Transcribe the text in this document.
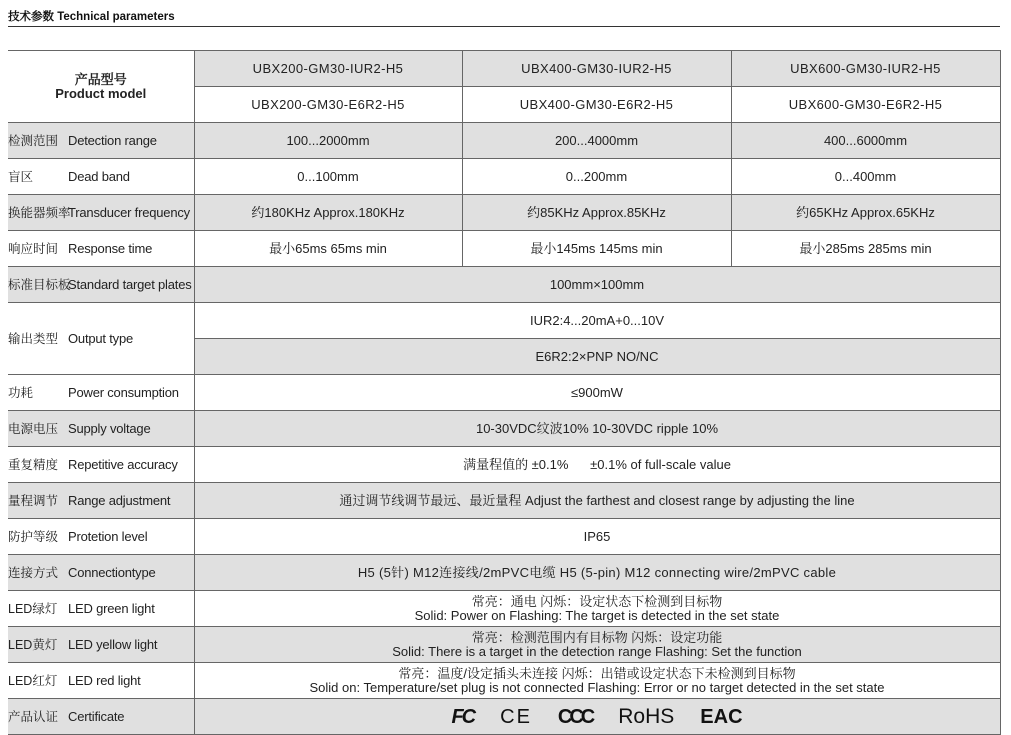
技术参数 Technical parameters
产品型号
Product model	UBX200-GM30-IUR2-H5	UBX400-GM30-IUR2-H5	UBX600-GM30-IUR2-H5
	UBX200-GM30-E6R2-H5	UBX400-GM30-E6R2-H5	UBX600-GM30-E6R2-H5
检测范围 Detection range	100...2000mm	200...4000mm	400...6000mm
盲区 Dead band	0...100mm	0...200mm	0...400mm
换能器频率Transducer frequency	约180KHz Approx.180KHz	约85KHz Approx.85KHz	约65KHz Approx.65KHz
响应时间 Response time	最小65ms 65ms min	最小145ms 145ms min	最小285ms 285ms min
标准目标板Standard target plates	100mm×100mm		
输出类型 Output type	IUR2:4...20mA+0...10V		
	E6R2:2×PNP NO/NC		
功耗 Power consumption	≤900mW		
电源电压 Supply voltage	10-30VDC纹波10% 10-30VDC ripple 10%		
重复精度 Repetitive accuracy	满量程值的 ±0.1%      ±0.1% of full-scale value		
量程调节 Range adjustment	通过调节线调节最远、最近量程 Adjust the farthest and closest range by adjusting the line		
防护等级 Protetion level	IP65		
连接方式 Connectiontype	H5 (5针) M12连接线/2mPVC电缆 H5 (5-pin) M12 connecting wire/2mPVC cable		
LED绿灯 LED green light	常亮：通电 闪烁：设定状态下检测到目标物
Solid: Power on Flashing: The target is detected in the set state		

LED黄灯 LED yellow light	常亮：检测范围内有目标物 闪烁：设定功能
Solid: There is a target in the detection range Flashing: Set the function		

LED红灯 LED red light	常亮：温度/设定插头未连接 闪烁：出错或设定状态下未检测到目标物
Solid on: Temperature/set plug is not connected Flashing: Error or no target detected in the set state		

产品认证 Certificate	FC CE CCC RoHS EAC		
